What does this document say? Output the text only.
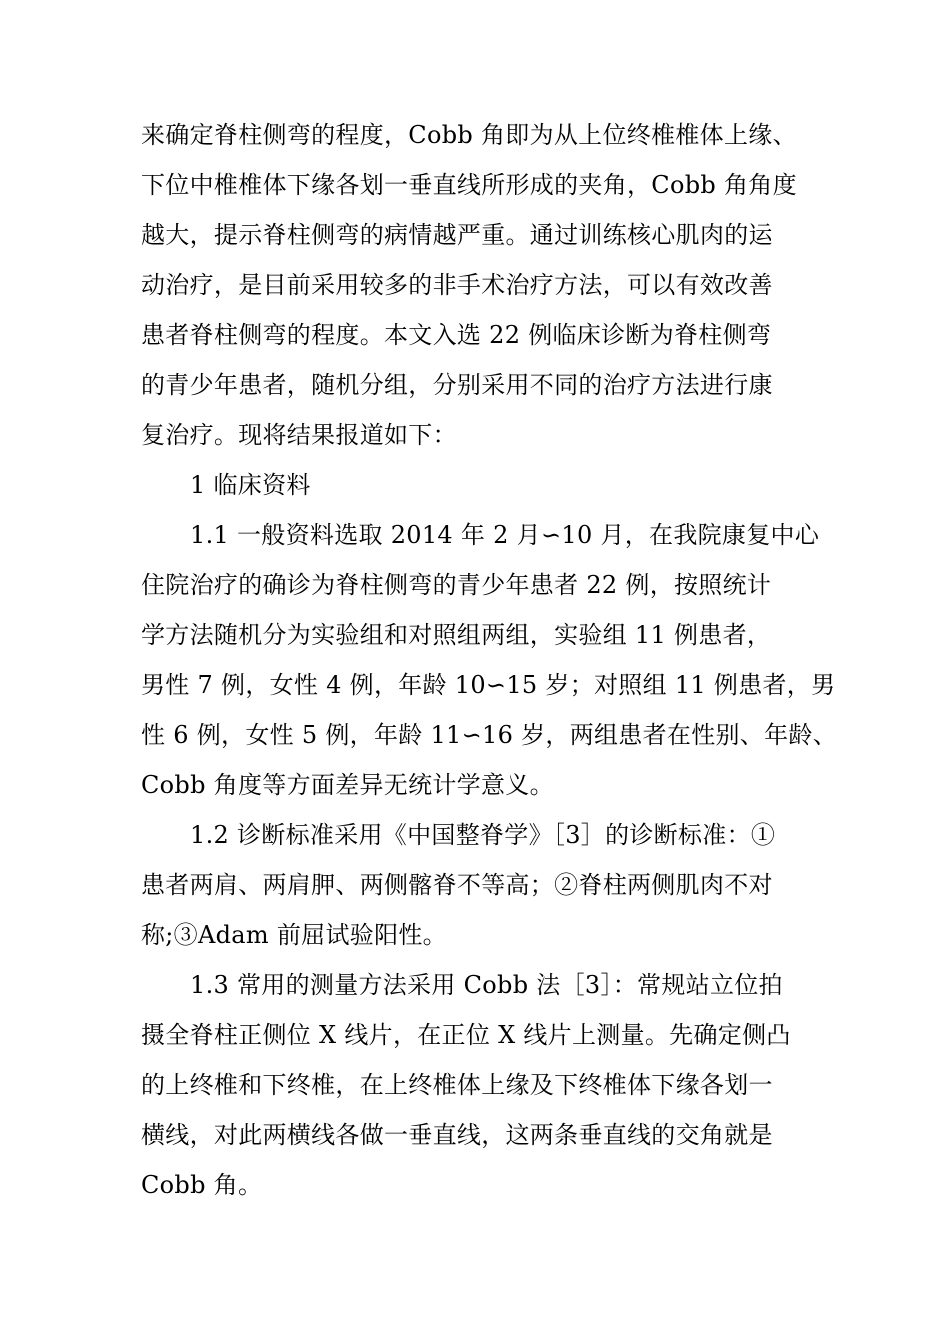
来确定脊柱侧弯的程度，Cobb 角即为从上位终椎椎体上缘、
下位中椎椎体下缘各划一垂直线所形成的夹角，Cobb 角角度
越大，提示脊柱侧弯的病情越严重。通过训练核心肌肉的运
动治疗，是目前采用较多的非手术治疗方法，可以有效改善
患者脊柱侧弯的程度。本文入选 22 例临床诊断为脊柱侧弯
的青少年患者，随机分组，分别采用不同的治疗方法进行康
复治疗。现将结果报道如下：
1 临床资料
1.1 一般资料选取 2014 年 2 月∽10 月，在我院康复中心
住院治疗的确诊为脊柱侧弯的青少年患者 22 例，按照统计
学方法随机分为实验组和对照组两组，实验组 11 例患者，
男性 7 例，女性 4 例，年龄 10∽15 岁；对照组 11 例患者，男
性 6 例，女性 5 例，年龄 11∽16 岁，两组患者在性别、年龄、
Cobb 角度等方面差异无统计学意义。
1.2 诊断标准采用《中国整脊学》［3］的诊断标准：①
患者两肩、两肩胛、两侧髂脊不等高；②脊柱两侧肌肉不对
称;③Adam 前屈试验阳性。
1.3 常用的测量方法采用 Cobb 法［3］：常规站立位拍
摄全脊柱正侧位 X 线片，在正位 X 线片上测量。先确定侧凸
的上终椎和下终椎，在上终椎体上缘及下终椎体下缘各划一
横线，对此两横线各做一垂直线，这两条垂直线的交角就是
Cobb 角。
